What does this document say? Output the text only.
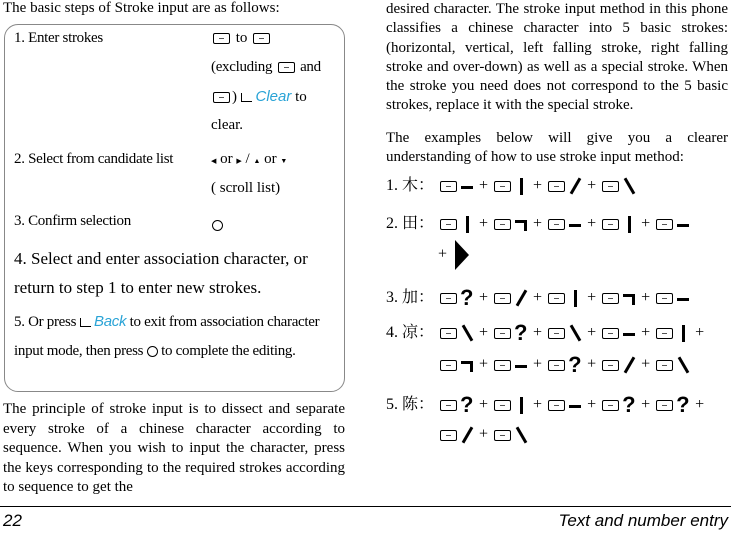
The basic steps of Stroke input are as follows:
1. Enter strokes	to
(excluding and
)  Clear to
clear.
2. Select from candidate list	◀ or ▶ / ▲ or ▼
( scroll list)
3. Confirm selection
4. Select and enter association character, or return to step 1 to enter new strokes.
5. Or press Back to exit from association character input mode, then press to complete the editing.
The principle of stroke input is to dissect and separate every stroke of a chinese character according to sequence. When you wish to input the character, press the keys corresponding to the required strokes according to sequence to get the
desired character. The stroke input method in this phone classifies a chinese character into 5 basic strokes: (horizontal, vertical, left falling stroke, right falling stroke and over-down) as well as a special stroke. When the stroke you need does not correspond to the 5 basic strokes, replace it with the special stroke.
The examples below will give you a clearer understanding of how to use stroke input method:
1. 木：	+	+	+
2. 田：	+	+	+	+
+
3. 加： ?	+	+	+	+
4. 凉：	+ ?	+	+	+	+
+	+ ?	+	+
5. 陈： ?	+	+	+ ?	+ ?	+
+
22	Text and number entry
